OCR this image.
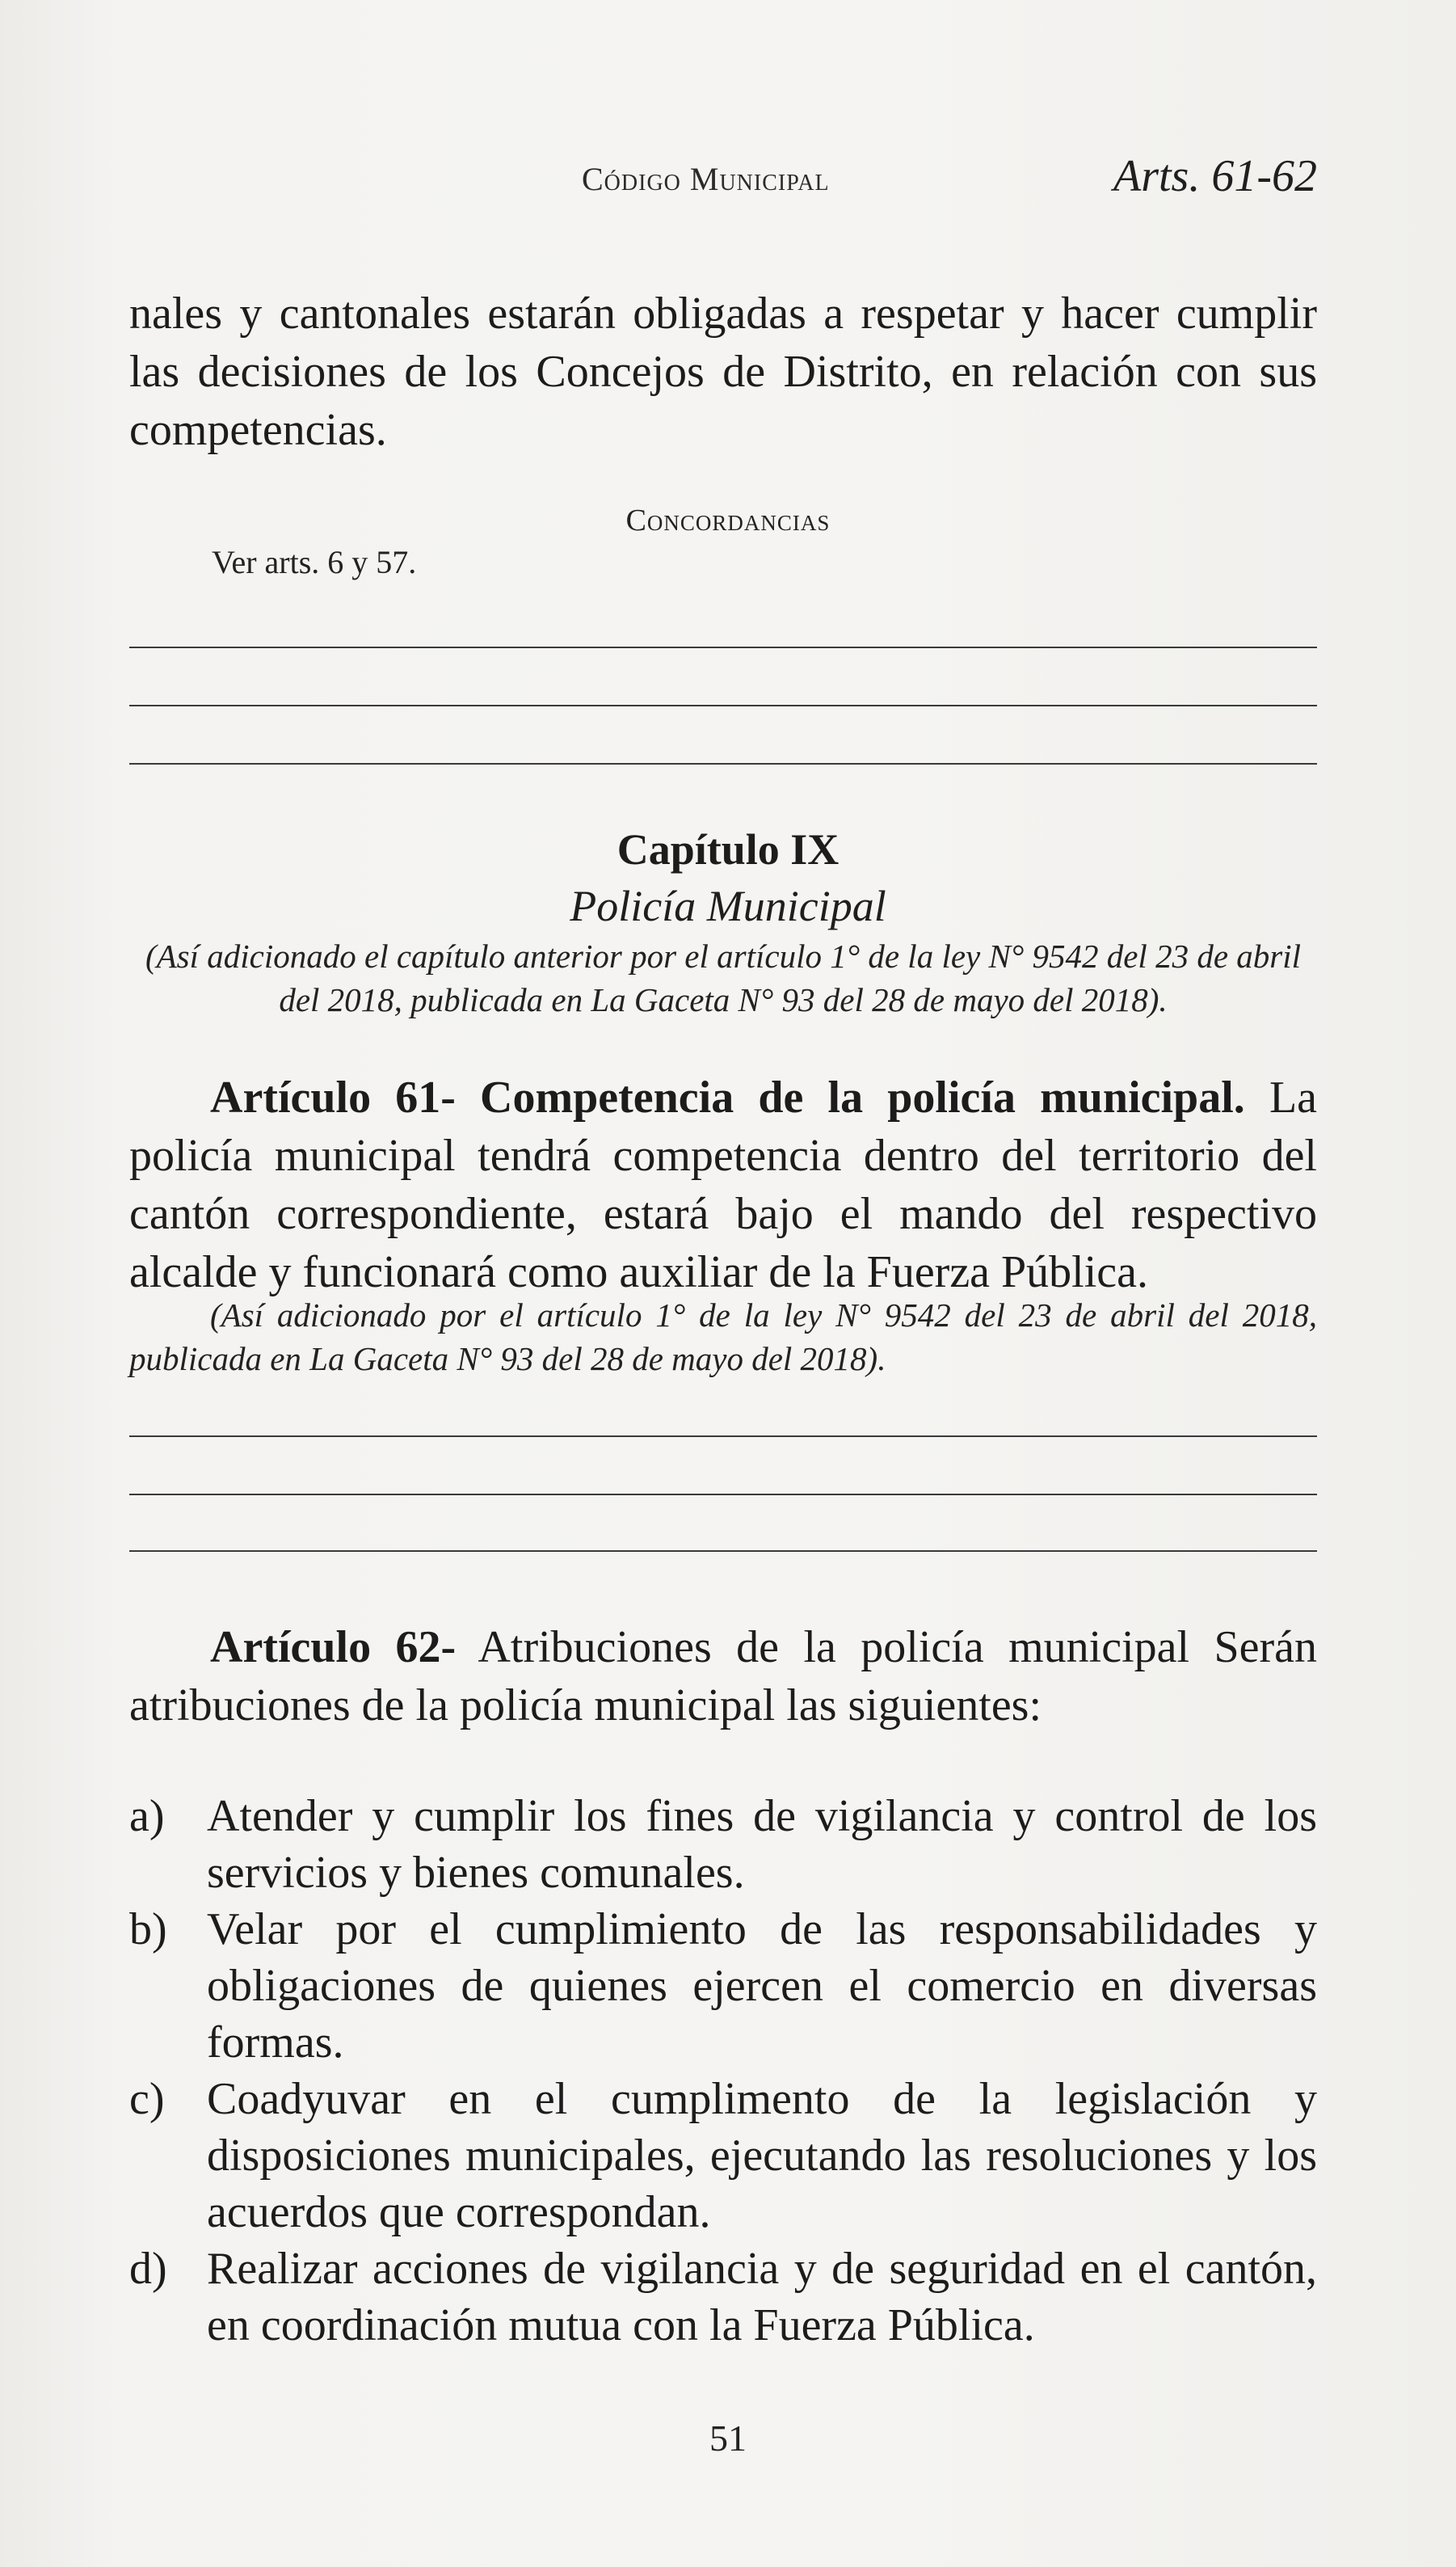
Código Municipal	Arts. 61-62
nales y cantonales estarán obligadas a respetar y hacer cumplir las decisiones de los Concejos de Distrito, en relación con sus competencias.
Concordancias
Ver arts. 6 y 57.
Capítulo IX
Policía Municipal
(Así adicionado el capítulo anterior por el artículo 1° de la ley N° 9542 del 23 de abril del 2018, publicada en La Gaceta N° 93 del 28 de mayo del 2018).
Artículo 61- Competencia de la policía municipal. La policía municipal tendrá competencia dentro del territorio del cantón correspondiente, estará bajo el mando del respectivo alcalde y funcionará como auxiliar de la Fuerza Pública.
(Así adicionado por el artículo 1° de la ley N° 9542 del 23 de abril del 2018, publicada en La Gaceta N° 93 del 28 de mayo del 2018).
Artículo 62- Atribuciones de la policía municipal Serán atribuciones de la policía municipal las siguientes:
a) Atender y cumplir los fines de vigilancia y control de los servicios y bienes comunales.
b) Velar por el cumplimiento de las responsabilidades y obligaciones de quienes ejercen el comercio en diversas formas.
c) Coadyuvar en el cumplimento de la legislación y disposiciones municipales, ejecutando las resoluciones y los acuerdos que correspondan.
d) Realizar acciones de vigilancia y de seguridad en el cantón, en coordinación mutua con la Fuerza Pública.
51
